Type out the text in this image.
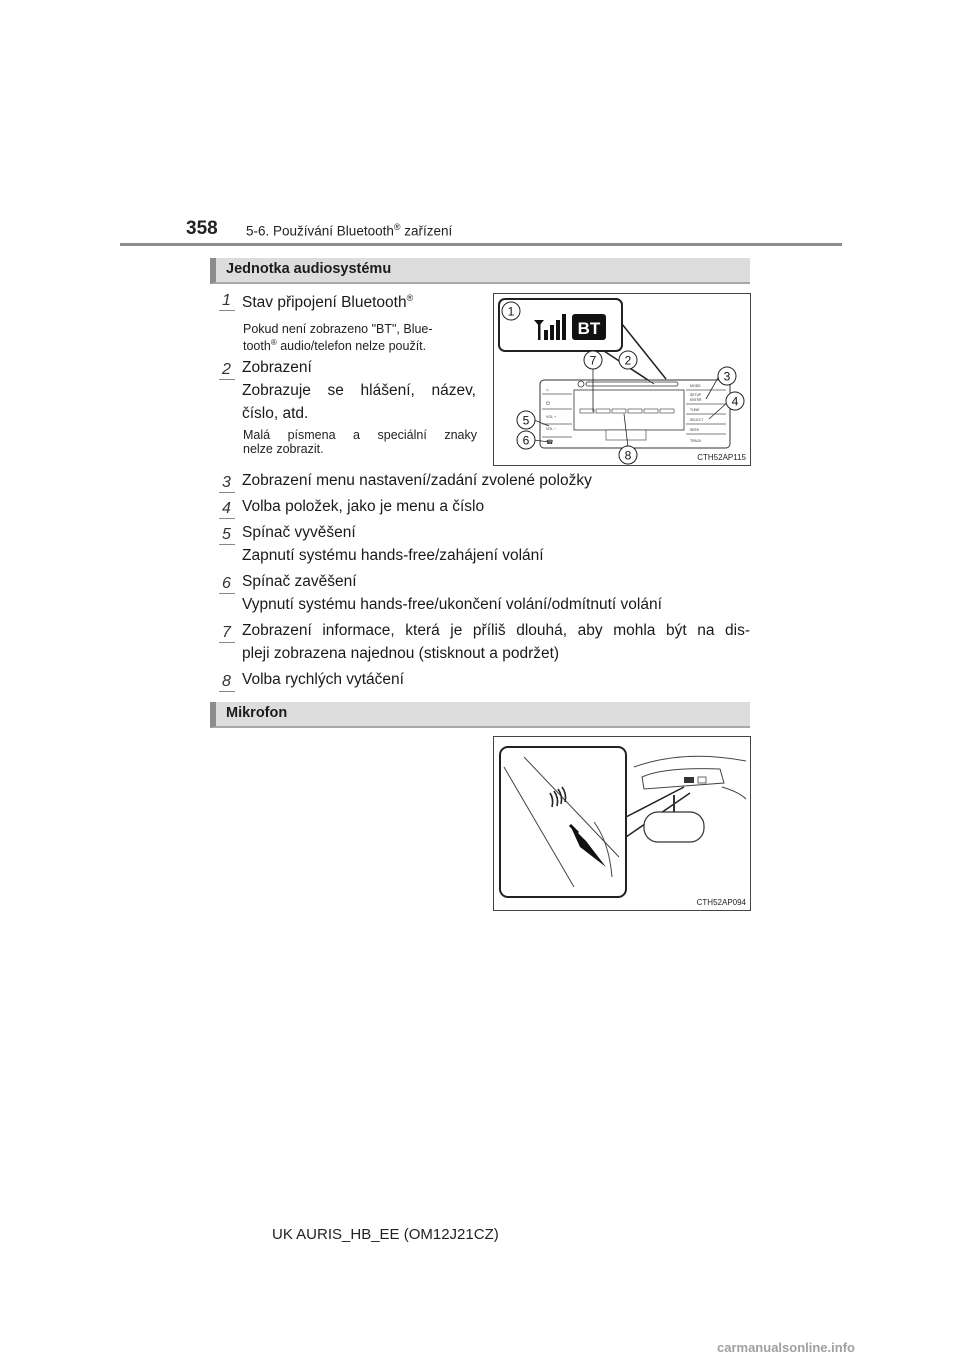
358 5-6. Používání Bluetooth® zařízení
Jednotka audiosystému
1 Stav připojení Bluetooth®
Pokud není zobrazeno "BT", Blue-
tooth® audio/telefon nelze použít.
2 Zobrazení
Zobrazuje se hlášení, název,
číslo, atd.
Malá písmena a speciální znaky
nelze zobrazit.
3 Zobrazení menu nastavení/zadání zvolené položky
4 Volba položek, jako je menu a číslo
5 Spínač vyvěšení
Zapnutí systému hands-free/zahájení volání
6 Spínač zavěšení
Vypnutí systému hands-free/ukončení volání/odmítnutí volání
7 Zobrazení informace, která je příliš dlouhá, aby mohla být na dis-
pleji zobrazena najednou (stisknout a podržet)
8 Volba rychlých vytáčení
Mikrofon
BT
⌂
⏻
VOL +
VOL −
☎
MODE
SETUP
ENTER
TUNE
SELECT
SEEK
TRACK
1
2
3
4
5
6
7
8	CTH52AP115
CTH52AP094
UK AURIS_HB_EE (OM12J21CZ)
carmanualsonline.info
